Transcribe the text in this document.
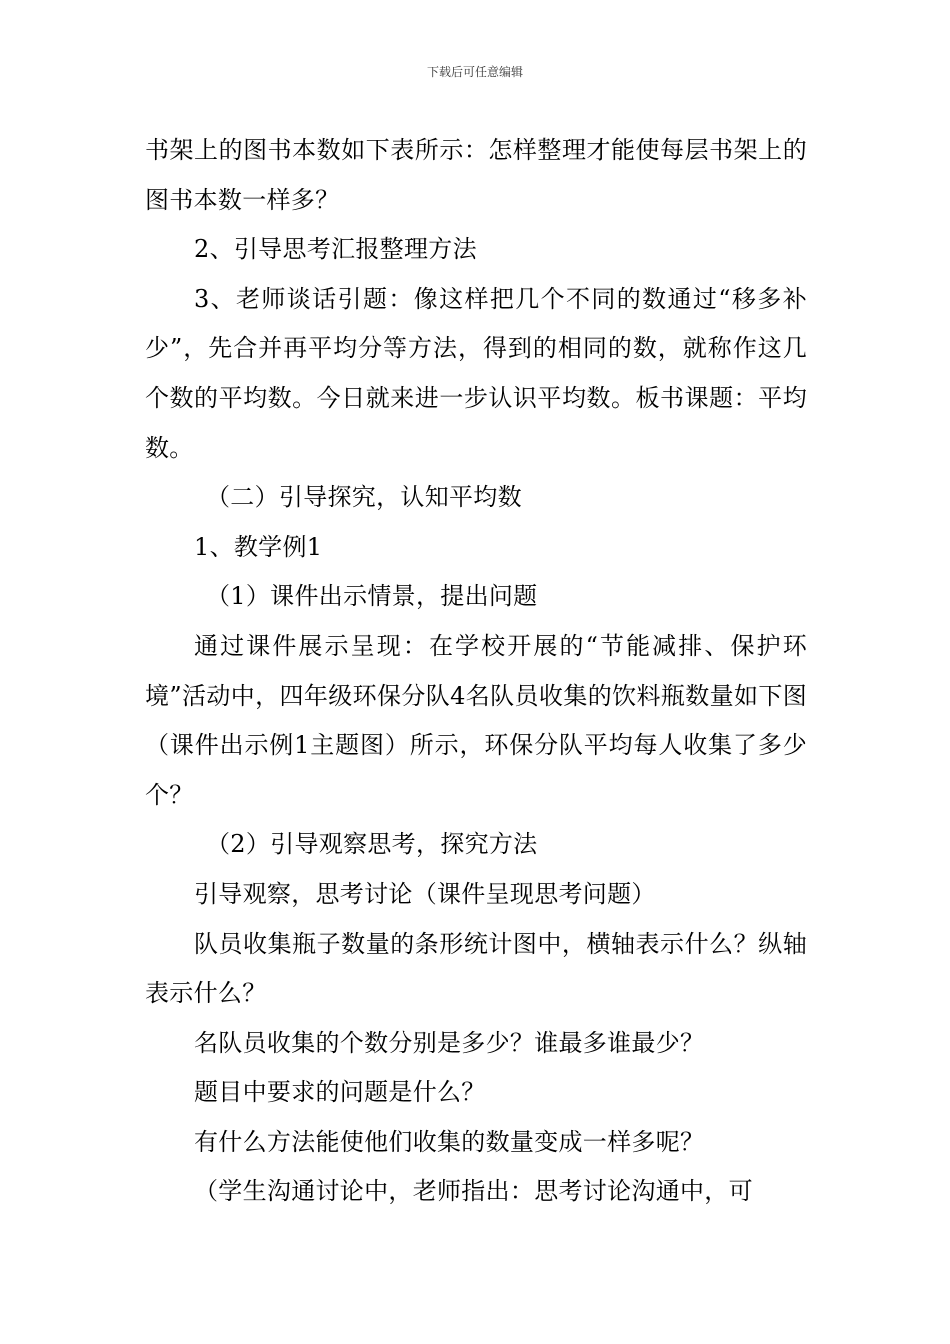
下载后可任意编辑

书架上的图书本数如下表所示：怎样整理才能使每层书架上的图书本数一样多？

2、引导思考汇报整理方法

3、老师谈话引题：像这样把几个不同的数通过“移多补少”，先合并再平均分等方法，得到的相同的数，就称作这几个数的平均数。今日就来进一步认识平均数。板书课题：平均数。

（二）引导探究，认知平均数

1、教学例1

（1）课件出示情景，提出问题

通过课件展示呈现：在学校开展的“节能减排、保护环境”活动中，四年级环保分队4名队员收集的饮料瓶数量如下图（课件出示例1主题图）所示，环保分队平均每人收集了多少个？

（2）引导观察思考，探究方法

引导观察，思考讨论（课件呈现思考问题）

队员收集瓶子数量的条形统计图中，横轴表示什么？纵轴表示什么？

名队员收集的个数分别是多少？谁最多谁最少？

题目中要求的问题是什么？

有什么方法能使他们收集的数量变成一样多呢？

（学生沟通讨论中，老师指出：思考讨论沟通中，可
